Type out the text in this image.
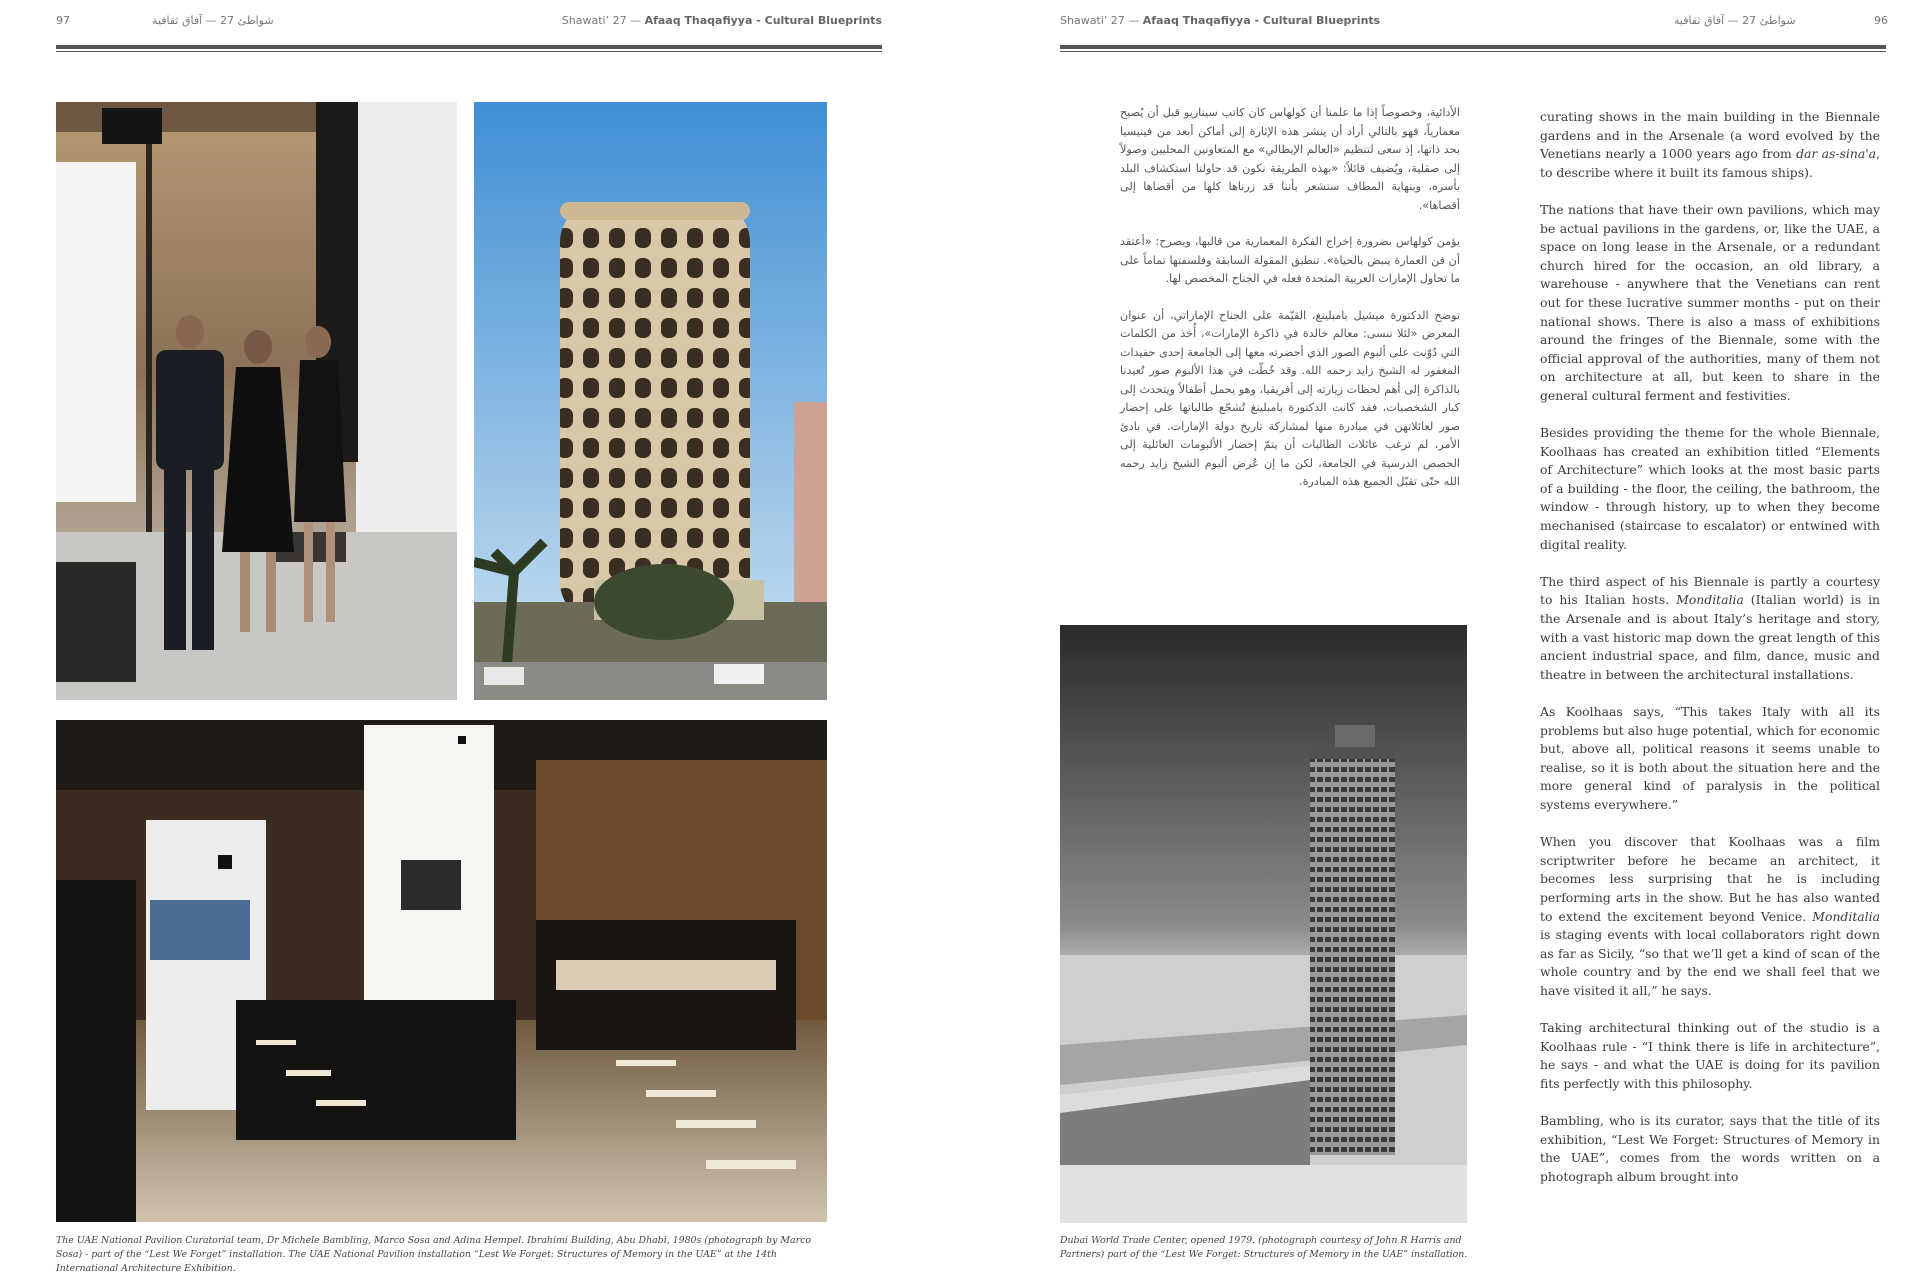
97	شواطئ 27 — آفاق ثقافية	Shawati’ 27 — Afaaq Thaqafiyya - Cultural Blueprints
The UAE National Pavilion Curatorial team, Dr Michele Bambling, Marco Sosa and Adina Hempel. Ibrahimi Building, Abu Dhabi, 1980s (photograph by Marco Sosa) - part of the “Lest We Forget” installation. The UAE National Pavilion installation “Lest We Forget: Structures of Memory in the UAE” at the 14th International Architecture Exhibition.
Shawati’ 27 — Afaaq Thaqafiyya - Cultural Blueprints	شواطئ 27 — آفاق ثقافية	96

الأدائية، وخصوصاً إذا ما علمنا أن كولهاس كان كاتب سيناريو قبل أن يُصبح معمارياً، فهو بالتالي أراد أن ينشر هذه الإثارة إلى أماكن أبعد من فينيسيا بحد ذاتها، إذ سعى لتنظيم «العالم الإيطالي» مع المتعاونين المحليين وصولاً إلى صقلية، ويُضيف قائلاً: «بهذه الطريقة نكون قد حاولنا استكشاف البلد بأسره، وبنهاية المطاف سنشعر بأننا قد زرناها كلها من أقصاها إلى أقصاها».

يؤمن كولهاس بضرورة إخراج الفكرة المعمارية من قالبها، ويصرح: «أعتقد أن فن العمارة ينبض بالحياة». تنطبق المقولة السابقة وفلسفتها تماماً على ما تحاول الإمارات العربية المتحدة فعله في الجناح المخصص لها.

توضح الدكتورة ميشيل بامبلينغ، القيّمة على الجناح الإماراتي، أن عنوان المعرض «لئلا ننسى: معالم خالدة في ذاكرة الإمارات»، أُخذ من الكلمات التي دُوّنت على ألبوم الصور الذي أحضرته معها إلى الجامعة إحدى حفيدات المغفور له الشيخ زايد رحمه الله. وقد خُطّت في هذا الألبوم صور تُعيدنا بالذاكرة إلى أهم لحظات زيارته إلى أفريقيا، وهو يحمل أطفالاً ويتحدث إلى كبار الشخصيات، فقد كانت الدكتورة بامبلينغ تُشجّع طالباتها على إحضار صور لعائلاتهن في مبادرة منها لمشاركة تاريخ دولة الإمارات. في بادئ الأمر، لم ترغب عائلات الطالبات أن يتمّ إحضار الألبومات العائلية إلى الحصص الدرسية في الجامعة، لكن ما إن عُرض ألبوم الشيخ زايد رحمه الله حتّى تقبّل الجميع هذه المبادرة.

Dubai World Trade Center, opened 1979. (photograph courtesy of John R Harris and Partners) part of the “Lest We Forget: Structures of Memory in the UAE” installation.

curating shows in the main building in the Biennale gardens and in the Arsenale (a word evolved by the Venetians nearly a 1000 years ago from dar as-sina'a, to describe where it built its famous ships).

The nations that have their own pavilions, which may be actual pavilions in the gardens, or, like the UAE, a space on long lease in the Arsenale, or a redundant church hired for the occasion, an old library, a warehouse - anywhere that the Venetians can rent out for these lucrative summer months - put on their national shows. There is also a mass of exhibitions around the fringes of the Biennale, some with the official approval of the authorities, many of them not on architecture at all, but keen to share in the general cultural ferment and festivities.

Besides providing the theme for the whole Biennale, Koolhaas has created an exhibition titled “Elements of Architecture” which looks at the most basic parts of a building - the floor, the ceiling, the bathroom, the window - through history, up to when they become mechanised (staircase to escalator) or entwined with digital reality.

The third aspect of his Biennale is partly a courtesy to his Italian hosts. Monditalia (Italian world) is in the Arsenale and is about Italy’s heritage and story, with a vast historic map down the great length of this ancient industrial space, and film, dance, music and theatre in between the architectural installations.

As Koolhaas says, “This takes Italy with all its problems but also huge potential, which for economic but, above all, political reasons it seems unable to realise, so it is both about the situation here and the more general kind of paralysis in the political systems everywhere.”

When you discover that Koolhaas was a film scriptwriter before he became an architect, it becomes less surprising that he is including performing arts in the show. But he has also wanted to extend the excitement beyond Venice. Monditalia is staging events with local collaborators right down as far as Sicily, “so that we’ll get a kind of scan of the whole country and by the end we shall feel that we have visited it all,” he says.

Taking architectural thinking out of the studio is a Koolhaas rule - “I think there is life in architecture”, he says - and what the UAE is doing for its pavilion fits perfectly with this philosophy.

Bambling, who is its curator, says that the title of its exhibition, “Lest We Forget: Structures of Memory in the UAE”, comes from the words written on a photograph album brought into
